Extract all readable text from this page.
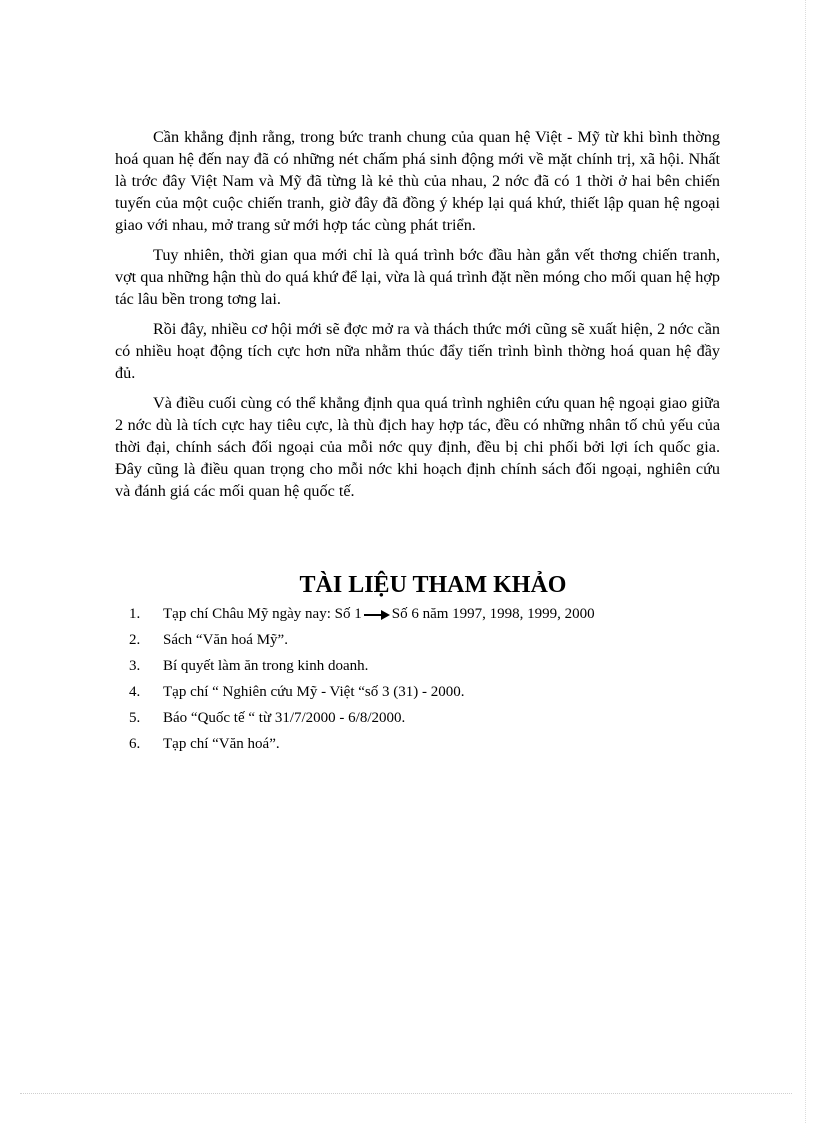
Cần khẳng định rằng, trong bức tranh chung của quan hệ Việt - Mỹ từ khi bình thờng hoá quan hệ đến nay đã có những nét chấm phá sinh động mới về mặt chính trị, xã hội. Nhất là trớc đây Việt Nam và Mỹ đã từng là kẻ thù của nhau, 2 nớc đã có 1 thời ở hai bên chiến tuyến của một cuộc chiến tranh, giờ đây đã đồng ý khép lại quá khứ, thiết lập quan hệ ngoại giao với nhau, mở trang sử mới hợp tác cùng phát triển.

Tuy nhiên, thời gian qua mới chỉ là quá trình bớc đầu hàn gắn vết thơng chiến tranh, vợt qua những hận thù do quá khứ để lại, vừa là quá trình đặt nền móng cho mối quan hệ hợp tác lâu bền trong tơng lai.

Rồi đây, nhiều cơ hội mới sẽ đợc mở ra và thách thức mới cũng sẽ xuất hiện, 2 nớc cần có nhiều hoạt động tích cực hơn nữa nhằm thúc đẩy tiến trình bình thờng hoá quan hệ đầy đủ.

Và điều cuối cùng có thể khẳng định qua quá trình nghiên cứu quan hệ ngoại giao giữa 2 nớc dù là tích cực hay tiêu cực, là thù địch hay hợp tác, đều có những nhân tố chủ yếu của thời đại, chính sách đối ngoại của mỗi nớc quy định, đều bị chi phối bởi lợi ích quốc gia. Đây cũng là điều quan trọng cho mỗi nớc khi hoạch định chính sách đối ngoại, nghiên cứu và đánh giá các mối quan hệ quốc tế.

TÀI LIỆU THAM KHẢO
1.	Tạp chí Châu Mỹ ngày nay: Số 1 Số 6 năm 1997, 1998, 1999, 2000
2.	Sách “Văn hoá Mỹ”.
3.	Bí quyết làm ăn trong kinh doanh.
4.	Tạp chí “ Nghiên cứu Mỹ - Việt “số 3 (31) - 2000.
5.	Báo “Quốc tế “ từ 31/7/2000 - 6/8/2000.
6.	Tạp chí “Văn hoá”.
